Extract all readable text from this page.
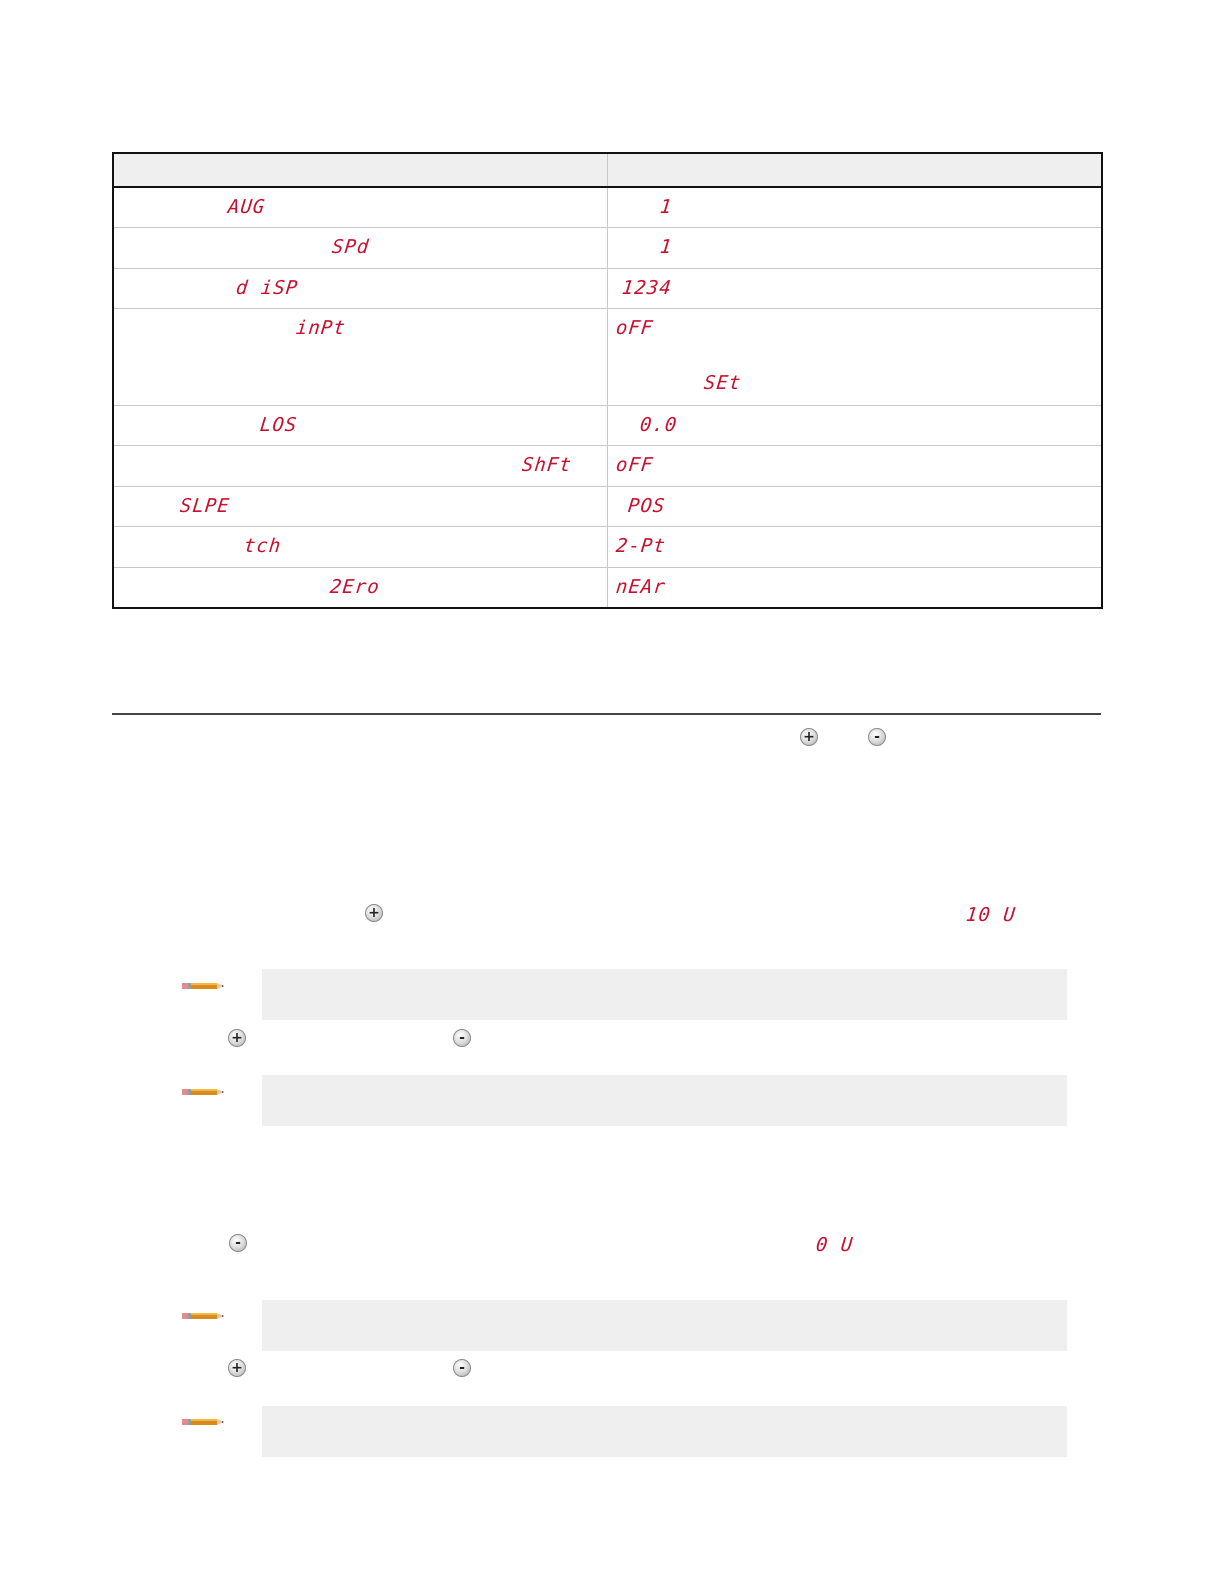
AUG	1

SPd	1

d iSP	1234

inPt	oFF
SEt

LOS	0.0

ShFt	oFF

SLPE	POS

tch	2-Pt

2Ero	nEAr
+	-
+	10 U
+	-
-	0 U
+	-
